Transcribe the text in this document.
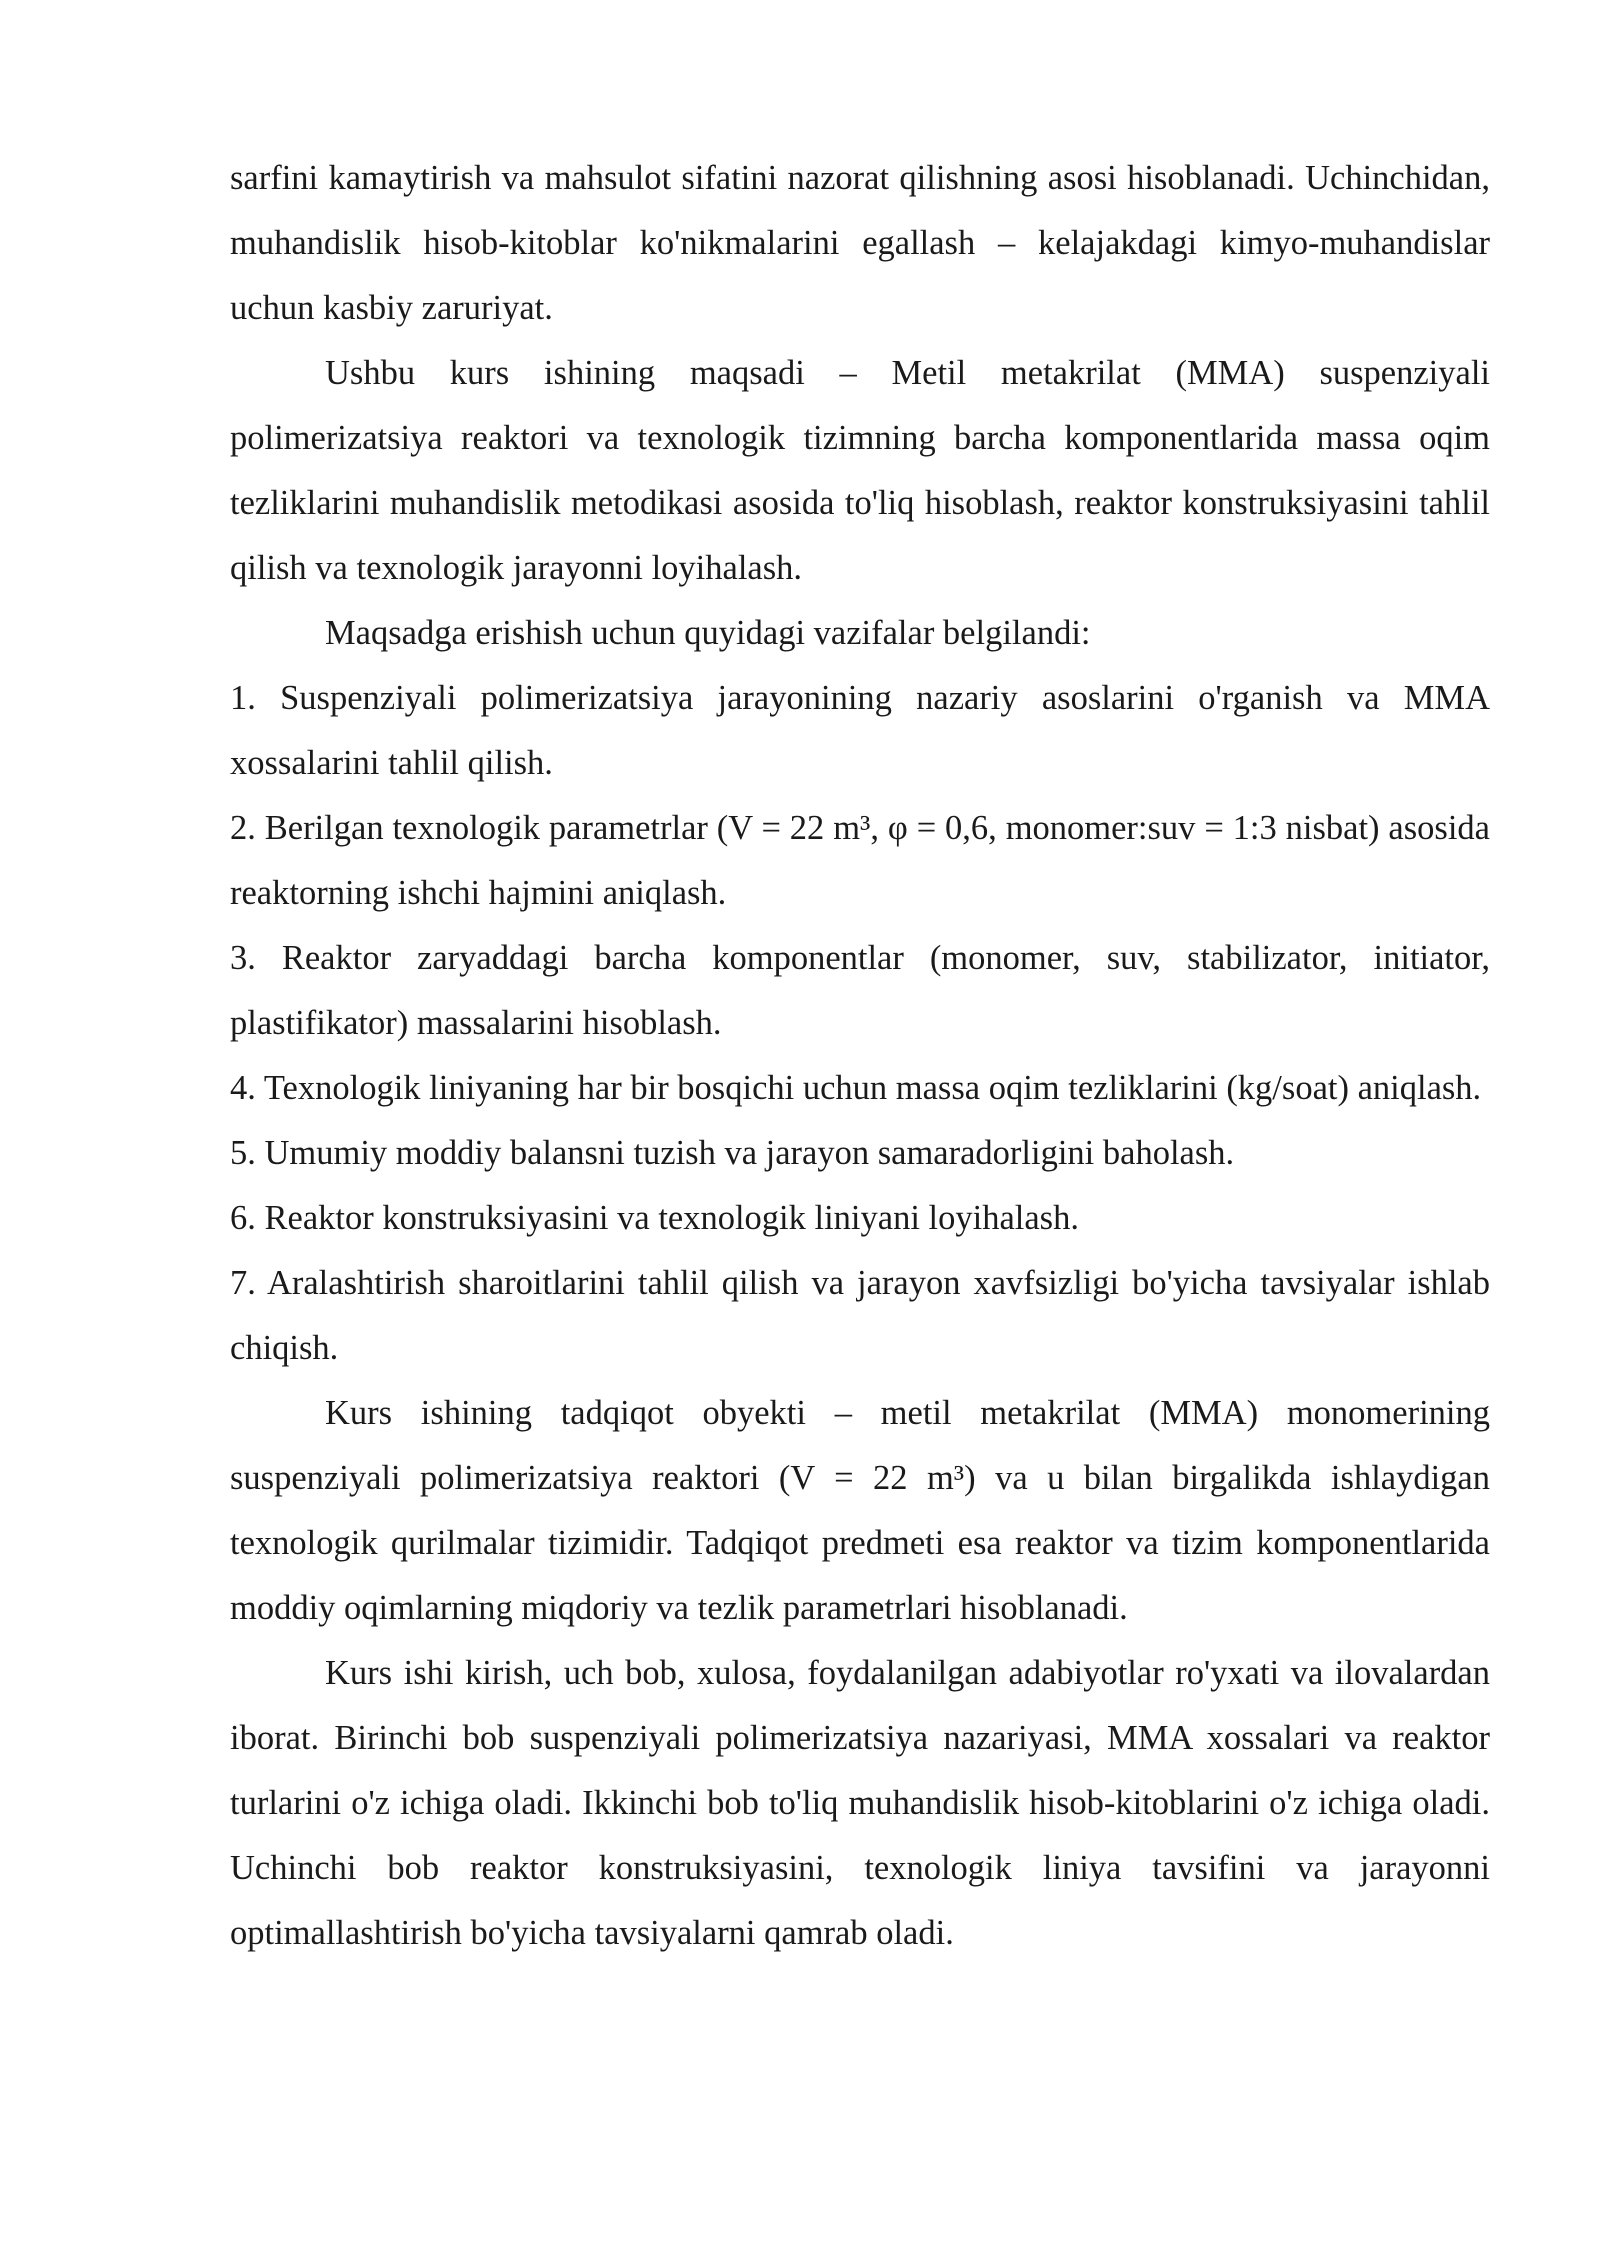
sarfini kamaytirish va mahsulot sifatini nazorat qilishning asosi hisoblanadi. Uchinchidan, muhandislik hisob-kitoblar ko'nikmalarini egallash – kelajakdagi kimyo-muhandislar uchun kasbiy zaruriyat.

Ushbu kurs ishining maqsadi – Metil metakrilat (MMA) suspenziyali polimerizatsiya reaktori va texnologik tizimning barcha komponentlarida massa oqim tezliklarini muhandislik metodikasi asosida to'liq hisoblash, reaktor konstruksiyasini tahlil qilish va texnologik jarayonni loyihalash.

Maqsadga erishish uchun quyidagi vazifalar belgilandi:

1. Suspenziyali polimerizatsiya jarayonining nazariy asoslarini o'rganish va MMA xossalarini tahlil qilish.

2. Berilgan texnologik parametrlar (V = 22 m³, φ = 0,6, monomer:suv = 1:3 nisbat) asosida reaktorning ishchi hajmini aniqlash.

3. Reaktor zaryaddagi barcha komponentlar (monomer, suv, stabilizator, initiator, plastifikator) massalarini hisoblash.

4. Texnologik liniyaning har bir bosqichi uchun massa oqim tezliklarini (kg/soat) aniqlash.

5. Umumiy moddiy balansni tuzish va jarayon samaradorligini baholash.

6. Reaktor konstruksiyasini va texnologik liniyani loyihalash.

7. Aralashtirish sharoitlarini tahlil qilish va jarayon xavfsizligi bo'yicha tavsiyalar ishlab chiqish.

Kurs ishining tadqiqot obyekti – metil metakrilat (MMA) monomerining suspenziyali polimerizatsiya reaktori (V = 22 m³) va u bilan birgalikda ishlaydigan texnologik qurilmalar tizimidir. Tadqiqot predmeti esa reaktor va tizim komponentlarida moddiy oqimlarning miqdoriy va tezlik parametrlari hisoblanadi.

Kurs ishi kirish, uch bob, xulosa, foydalanilgan adabiyotlar ro'yxati va ilovalardan iborat. Birinchi bob suspenziyali polimerizatsiya nazariyasi, MMA xossalari va reaktor turlarini o'z ichiga oladi. Ikkinchi bob to'liq muhandislik hisob-kitoblarini o'z ichiga oladi. Uchinchi bob reaktor konstruksiyasini, texnologik liniya tavsifini va jarayonni optimallashtirish bo'yicha tavsiyalarni qamrab oladi.
